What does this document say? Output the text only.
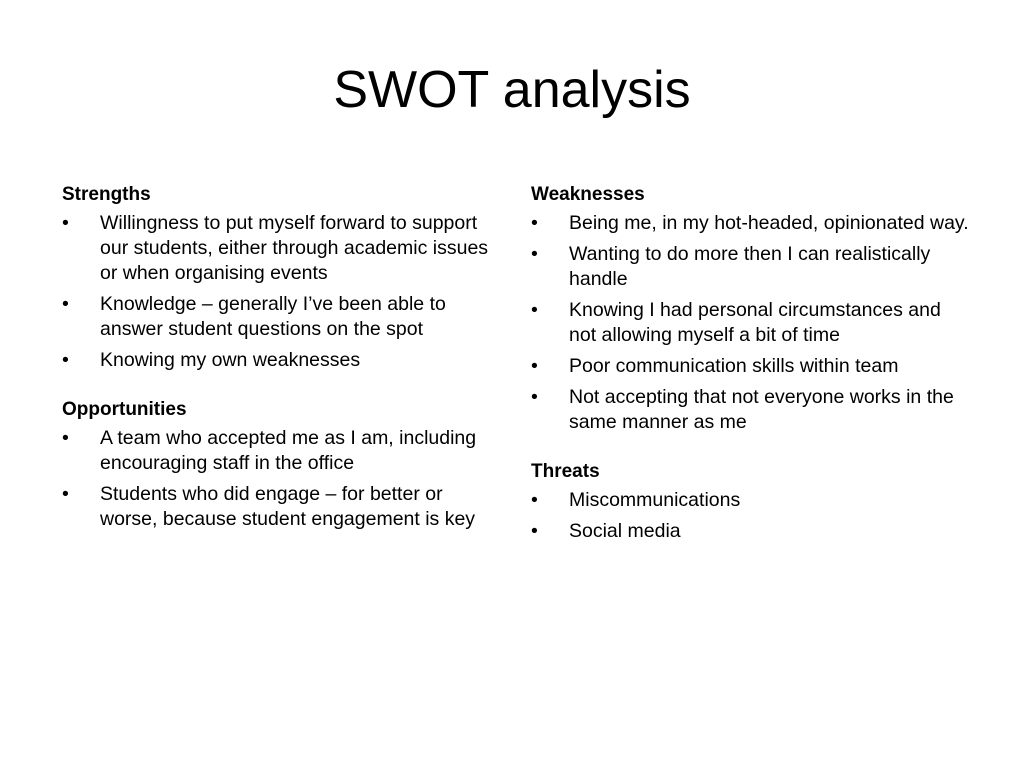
SWOT analysis
Strengths
•	Willingness to put myself forward to support our students, either through academic issues or when organising events
•	Knowledge – generally I’ve been able to answer student questions on the spot
•	Knowing my own weaknesses
Opportunities
•	A team who accepted me as I am, including encouraging staff in the office
•	Students who did engage – for better or worse, because student engagement is key
Weaknesses
•	Being me, in my hot-headed, opinionated way.
•	Wanting to do more then I can realistically handle
•	Knowing I had personal circumstances and not allowing myself a bit of time
•	Poor communication skills within team
•	Not accepting that not everyone works in the same manner as me
Threats
•	Miscommunications
•	Social media
